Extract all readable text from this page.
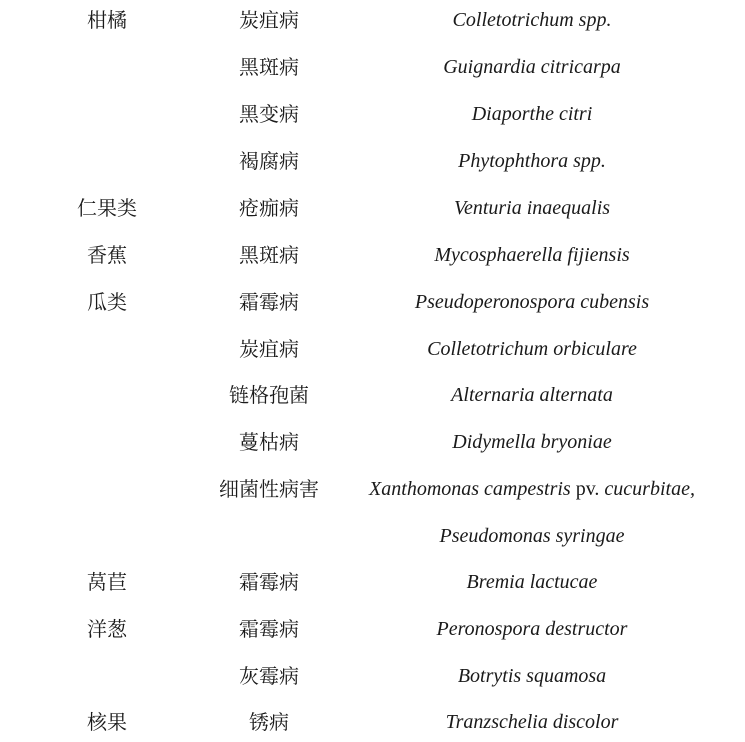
柑橘	炭疽病	Colletotrichum spp.
黑斑病	Guignardia citricarpa
黑变病	Diaporthe citri
褐腐病	Phytophthora spp.
仁果类	疮痂病	Venturia inaequalis
香蕉	黑斑病	Mycosphaerella fijiensis
瓜类	霜霉病	Pseudoperonospora cubensis
炭疽病	Colletotrichum orbiculare
链格孢菌	Alternaria alternata
蔓枯病	Didymella bryoniae
细菌性病害	Xanthomonas campestris pv. cucurbitae,
Pseudomonas syringae
莴苣	霜霉病	Bremia lactucae
洋葱	霜霉病	Peronospora destructor
灰霉病	Botrytis squamosa
核果	锈病	Tranzschelia discolor
